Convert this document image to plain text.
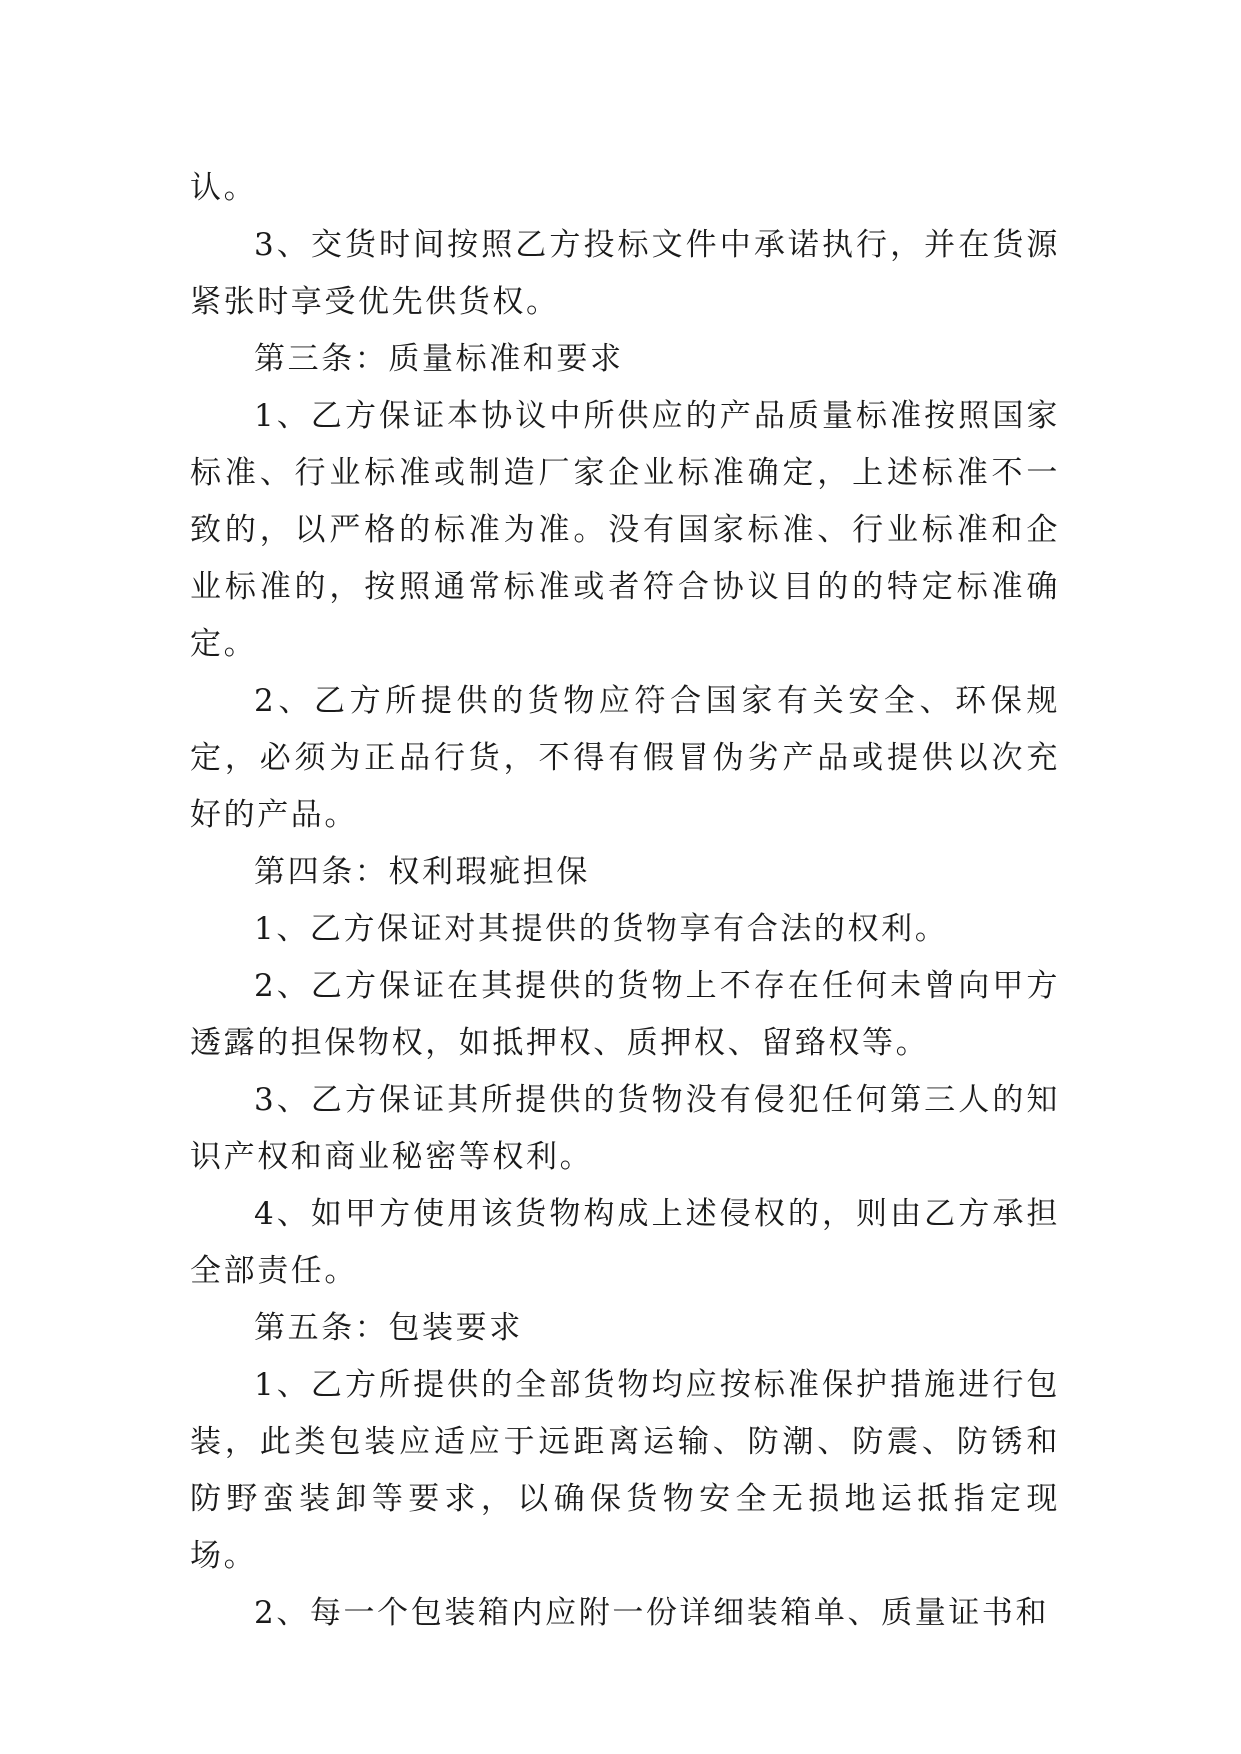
认。

3、交货时间按照乙方投标文件中承诺执行，并在货源紧张时享受优先供货权。

第三条：质量标准和要求

1、乙方保证本协议中所供应的产品质量标准按照国家标准、行业标准或制造厂家企业标准确定，上述标准不一致的，以严格的标准为准。没有国家标准、行业标准和企业标准的，按照通常标准或者符合协议目的的特定标准确定。

2、乙方所提供的货物应符合国家有关安全、环保规定，必须为正品行货，不得有假冒伪劣产品或提供以次充好的产品。

第四条：权利瑕疵担保

1、乙方保证对其提供的货物享有合法的权利。

2、乙方保证在其提供的货物上不存在任何未曾向甲方透露的担保物权，如抵押权、质押权、留臵权等。

3、乙方保证其所提供的货物没有侵犯任何第三人的知识产权和商业秘密等权利。

4、如甲方使用该货物构成上述侵权的，则由乙方承担全部责任。

第五条：包装要求

1、乙方所提供的全部货物均应按标准保护措施进行包装，此类包装应适应于远距离运输、防潮、防震、防锈和防野蛮装卸等要求，以确保货物安全无损地运抵指定现场。

2、每一个包装箱内应附一份详细装箱单、质量证书和
